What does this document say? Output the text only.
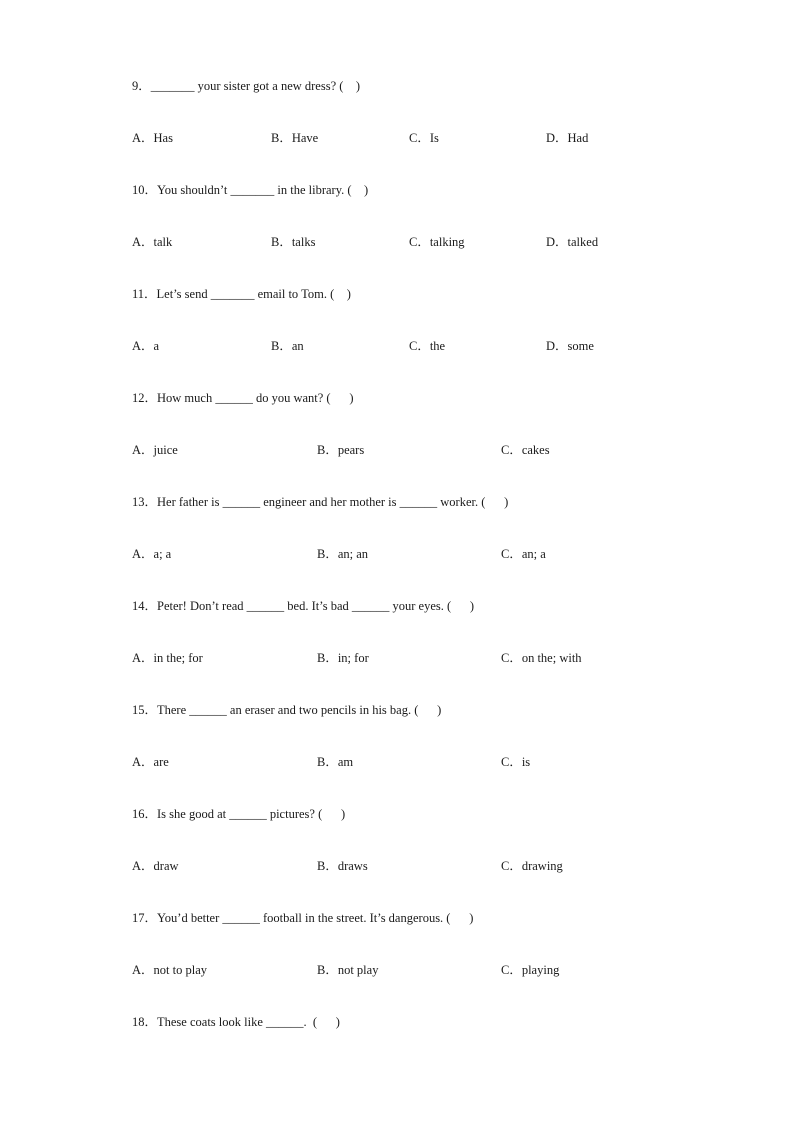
9．_______ your sister got a new dress? (    )
A．Has	B．Have	C．Is	D．Had
10．You shouldn’t _______ in the library. (    )
A．talk	B．talks	C．talking	D．talked
11．Let’s send _______ email to Tom. (    )
A．a	B．an	C．the	D．some
12．How much ______ do you want? (      )
A．juice	B．pears	C．cakes
13．Her father is ______ engineer and her mother is ______ worker. (      )
A．a; a	B．an; an	C．an; a
14．Peter! Don’t read ______ bed. It’s bad ______ your eyes. (      )
A．in the; for	B．in; for	C．on the; with
15．There ______ an eraser and two pencils in his bag. (      )
A．are	B．am	C．is
16．Is she good at ______ pictures? (      )
A．draw	B．draws	C．drawing
17．You’d better ______ football in the street. It’s dangerous. (      )
A．not to play	B．not play	C．playing
18．These coats look like ______.  (      )
